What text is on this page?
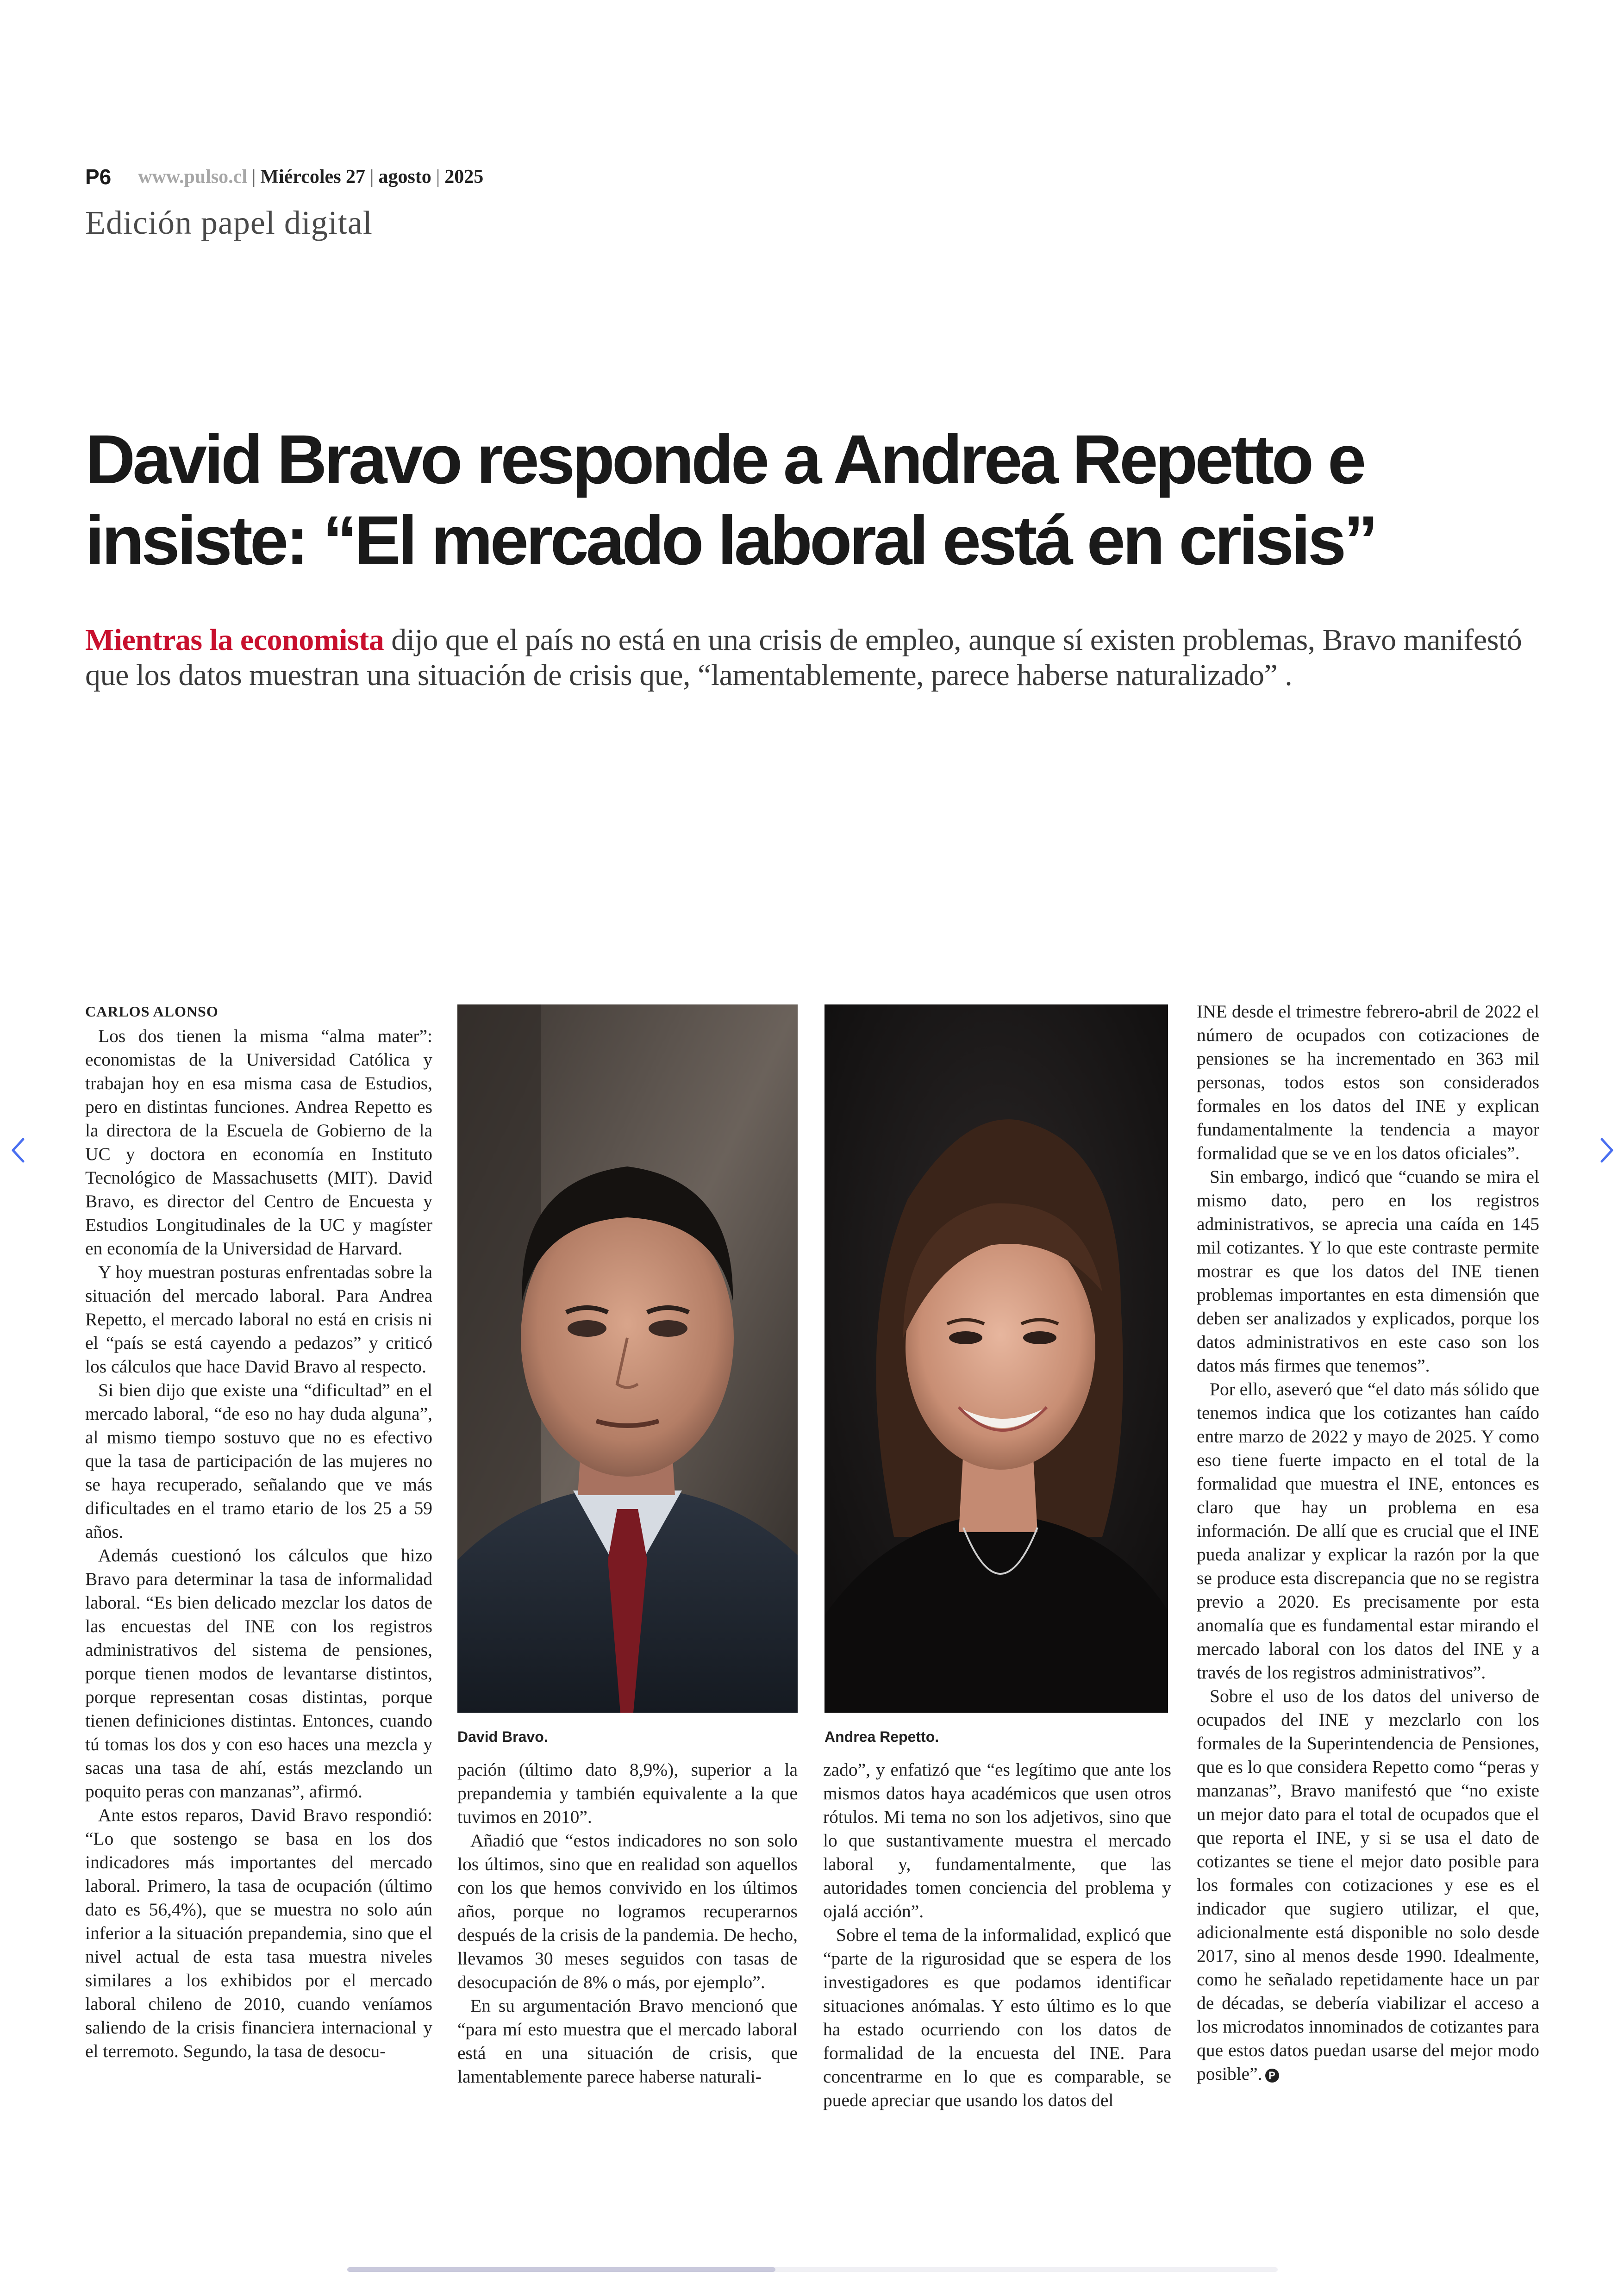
P6 www.pulso.cl | Miércoles 27 | agosto | 2025
Edición papel digital
David Bravo responde a Andrea Repetto e
insiste: “El mercado laboral está en crisis”

Mientras la economista dijo que el país no está en una crisis de empleo, aunque sí existen problemas, Bravo manifestó que los datos muestran una situación de crisis que, “lamentablemente, parece haberse naturalizado” .

CARLOS ALONSO

Los dos tienen la misma “alma mater”: economistas de la Universidad Católica y trabajan hoy en esa misma casa de Estudios, pero en distintas funciones. Andrea Repetto es la directora de la Escuela de Gobierno de la UC y doctora en economía en Instituto Tecnológico de Massachusetts (MIT). David Bravo, es director del Centro de Encuesta y Estudios Longitudinales de la UC y magíster en economía de la Universidad de Harvard.

Y hoy muestran posturas enfrentadas sobre la situación del mercado laboral. Para Andrea Repetto, el mercado laboral no está en crisis ni el “país se está cayendo a pedazos” y criticó los cálculos que hace David Bravo al respecto.

Si bien dijo que existe una “dificultad” en el mercado laboral, “de eso no hay duda alguna”, al mismo tiempo sostuvo que no es efectivo que la tasa de participación de las mujeres no se haya recuperado, señalando que ve más dificultades en el tramo etario de los 25 a 59 años.

Además cuestionó los cálculos que hizo Bravo para determinar la tasa de informalidad laboral. “Es bien delicado mezclar los datos de las encuestas del INE con los registros administrativos del sistema de pensiones, porque tienen modos de levantarse distintos, porque representan cosas distintas, porque tienen definiciones distintas. Entonces, cuando tú tomas los dos y con eso haces una mezcla y sacas una tasa de ahí, estás mezclando un poquito peras con manzanas”, afirmó.

Ante estos reparos, David Bravo respondió: “Lo que sostengo se basa en los dos indicadores más importantes del mercado laboral. Primero, la tasa de ocupación (último dato es 56,4%), que se muestra no solo aún inferior a la situación prepandemia, sino que el nivel actual de esta tasa muestra niveles similares a los exhibidos por el mercado laboral chileno de 2010, cuando veníamos saliendo de la crisis financiera internacional y el terremoto. Segundo, la tasa de desocu-

David Bravo.	Andrea Repetto.

pación (último dato 8,9%), superior a la prepandemia y también equivalente a la que tuvimos en 2010”.

Añadió que “estos indicadores no son solo los últimos, sino que en realidad son aquellos con los que hemos convivido en los últimos años, porque no logramos recuperarnos después de la crisis de la pandemia. De hecho, llevamos 30 meses seguidos con tasas de desocupación de 8% o más, por ejemplo”.

En su argumentación Bravo mencionó que “para mí esto muestra que el mercado laboral está en una situación de crisis, que lamentablemente parece haberse naturali-

zado”, y enfatizó que “es legítimo que ante los mismos datos haya académicos que usen otros rótulos. Mi tema no son los adjetivos, sino que lo que sustantivamente muestra el mercado laboral y, fundamentalmente, que las autoridades tomen conciencia del problema y ojalá acción”.

Sobre el tema de la informalidad, explicó que “parte de la rigurosidad que se espera de los investigadores es que podamos identificar situaciones anómalas. Y esto último es lo que ha estado ocurriendo con los datos de formalidad de la encuesta del INE. Para concentrarme en lo que es comparable, se puede apreciar que usando los datos del

INE desde el trimestre febrero-abril de 2022 el número de ocupados con cotizaciones de pensiones se ha incrementado en 363 mil personas, todos estos son considerados formales en los datos del INE y explican fundamentalmente la tendencia a mayor formalidad que se ve en los datos oficiales”.

Sin embargo, indicó que “cuando se mira el mismo dato, pero en los registros administrativos, se aprecia una caída en 145 mil cotizantes. Y lo que este contraste permite mostrar es que los datos del INE tienen problemas importantes en esta dimensión que deben ser analizados y explicados, porque los datos administrativos en este caso son los datos más firmes que tenemos”.

Por ello, aseveró que “el dato más sólido que tenemos indica que los cotizantes han caído entre marzo de 2022 y mayo de 2025. Y como eso tiene fuerte impacto en el total de la formalidad que muestra el INE, entonces es claro que hay un problema en esa información. De allí que es crucial que el INE pueda analizar y explicar la razón por la que se produce esta discrepancia que no se registra previo a 2020. Es precisamente por esta anomalía que es fundamental estar mirando el mercado laboral con los datos del INE y a través de los registros administrativos”.

Sobre el uso de los datos del universo de ocupados del INE y mezclarlo con los formales de la Superintendencia de Pensiones, que es lo que considera Repetto como “peras y manzanas”, Bravo manifestó que “no existe un mejor dato para el total de ocupados que el que reporta el INE, y si se usa el dato de cotizantes se tiene el mejor dato posible para los formales con cotizaciones y ese es el indicador que sugiero utilizar, el que, adicionalmente está disponible no solo desde 2017, sino al menos desde 1990. Idealmente, como he señalado repetidamente hace un par de décadas, se debería viabilizar el acceso a los microdatos innominados de cotizantes para que estos datos puedan usarse del mejor modo posible”. P
